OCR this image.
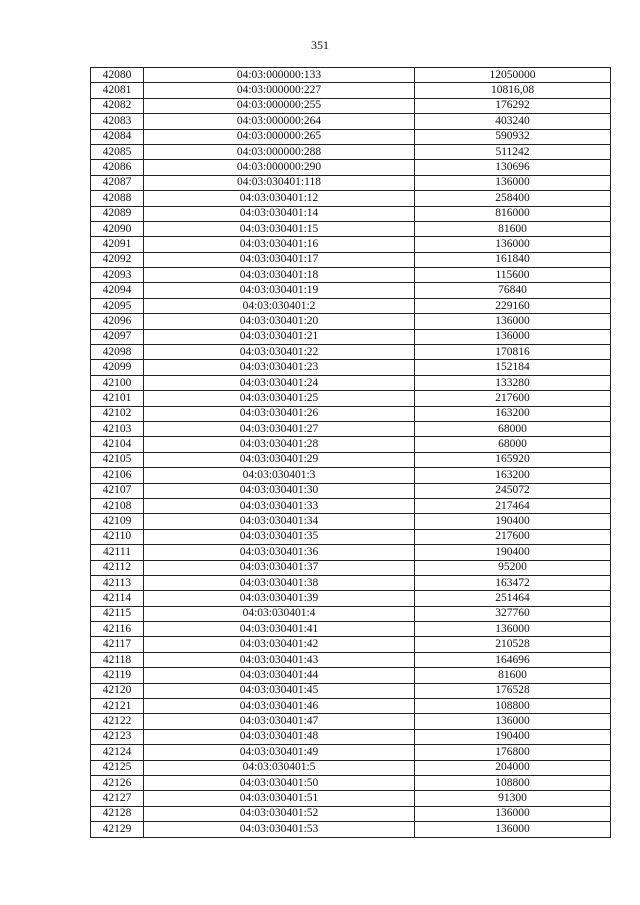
351
42080	04:03:000000:133	12050000
42081	04:03:000000:227	10816,08
42082	04:03:000000:255	176292
42083	04:03:000000:264	403240
42084	04:03:000000:265	590932
42085	04:03:000000:288	511242
42086	04:03:000000:290	130696
42087	04:03:030401:118	136000
42088	04:03:030401:12	258400
42089	04:03:030401:14	816000
42090	04:03:030401:15	81600
42091	04:03:030401:16	136000
42092	04:03:030401:17	161840
42093	04:03:030401:18	115600
42094	04:03:030401:19	76840
42095	04:03:030401:2	229160
42096	04:03:030401:20	136000
42097	04:03:030401:21	136000
42098	04:03:030401:22	170816
42099	04:03:030401:23	152184
42100	04:03:030401:24	133280
42101	04:03:030401:25	217600
42102	04:03:030401:26	163200
42103	04:03:030401:27	68000
42104	04:03:030401:28	68000
42105	04:03:030401:29	165920
42106	04:03:030401:3	163200
42107	04:03:030401:30	245072
42108	04:03:030401:33	217464
42109	04:03:030401:34	190400
42110	04:03:030401:35	217600
42111	04:03:030401:36	190400
42112	04:03:030401:37	95200
42113	04:03:030401:38	163472
42114	04:03:030401:39	251464
42115	04:03:030401:4	327760
42116	04:03:030401:41	136000
42117	04:03:030401:42	210528
42118	04:03:030401:43	164696
42119	04:03:030401:44	81600
42120	04:03:030401:45	176528
42121	04:03:030401:46	108800
42122	04:03:030401:47	136000
42123	04:03:030401:48	190400
42124	04:03:030401:49	176800
42125	04:03:030401:5	204000
42126	04:03:030401:50	108800
42127	04:03:030401:51	91300
42128	04:03:030401:52	136000
42129	04:03:030401:53	136000
